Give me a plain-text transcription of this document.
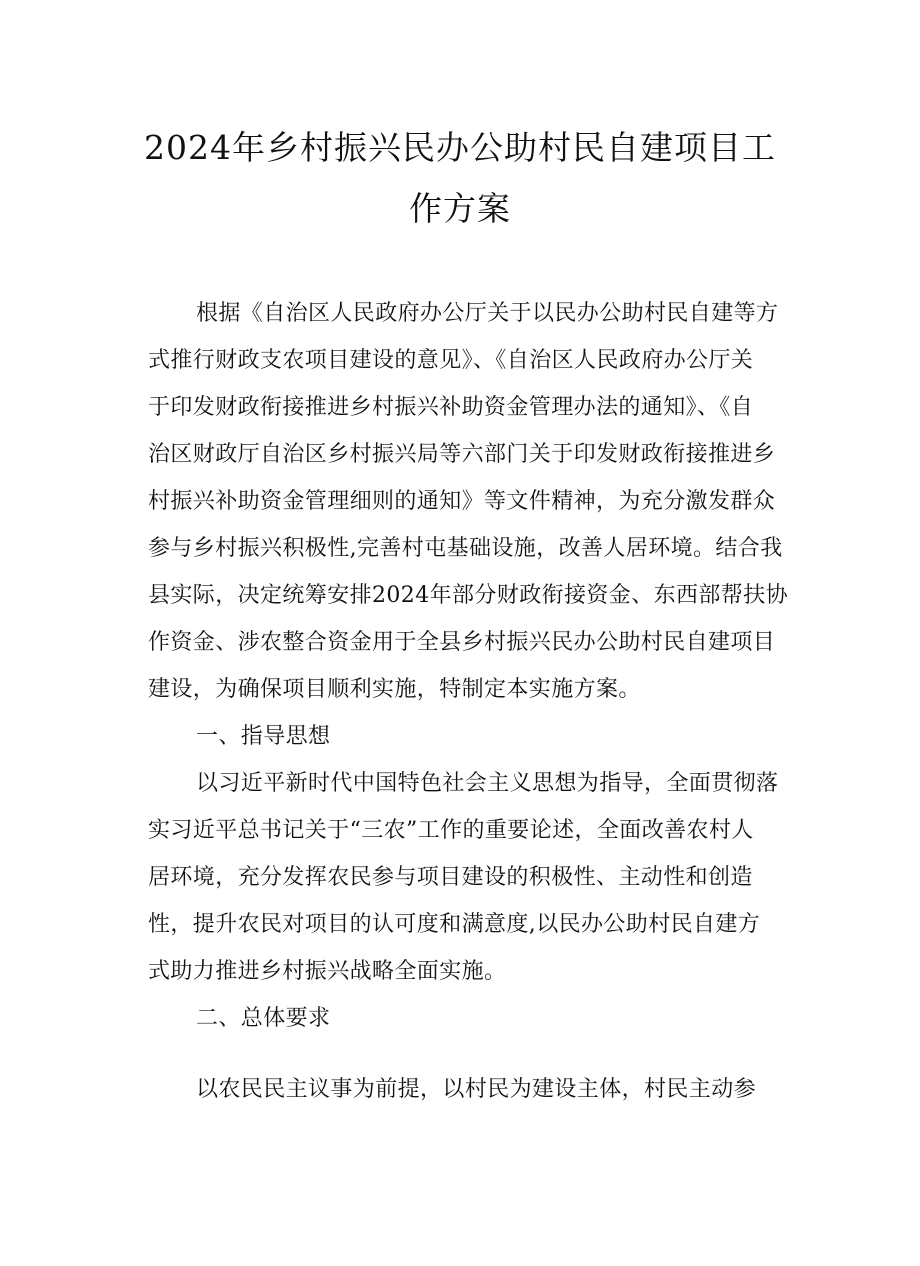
2024年乡村振兴民办公助村民自建项目工
作方案
根据《自治区人民政府办公厅关于以民办公助村民自建等方
式推行财政支农项目建设的意见》、《自治区人民政府办公厅关
于印发财政衔接推进乡村振兴补助资金管理办法的通知》、《自
治区财政厅自治区乡村振兴局等六部门关于印发财政衔接推进乡
村振兴补助资金管理细则的通知》等文件精神，为充分激发群众
参与乡村振兴积极性,完善村屯基础设施，改善人居环境。结合我
县实际，决定统筹安排2024年部分财政衔接资金、东西部帮扶协
作资金、涉农整合资金用于全县乡村振兴民办公助村民自建项目
建设，为确保项目顺利实施，特制定本实施方案。
一、指导思想
以习近平新时代中国特色社会主义思想为指导，全面贯彻落
实习近平总书记关于“三农”工作的重要论述，全面改善农村人
居环境，充分发挥农民参与项目建设的积极性、主动性和创造
性，提升农民对项目的认可度和满意度,以民办公助村民自建方
式助力推进乡村振兴战略全面实施。
二、总体要求
以农民民主议事为前提，以村民为建设主体，村民主动参
